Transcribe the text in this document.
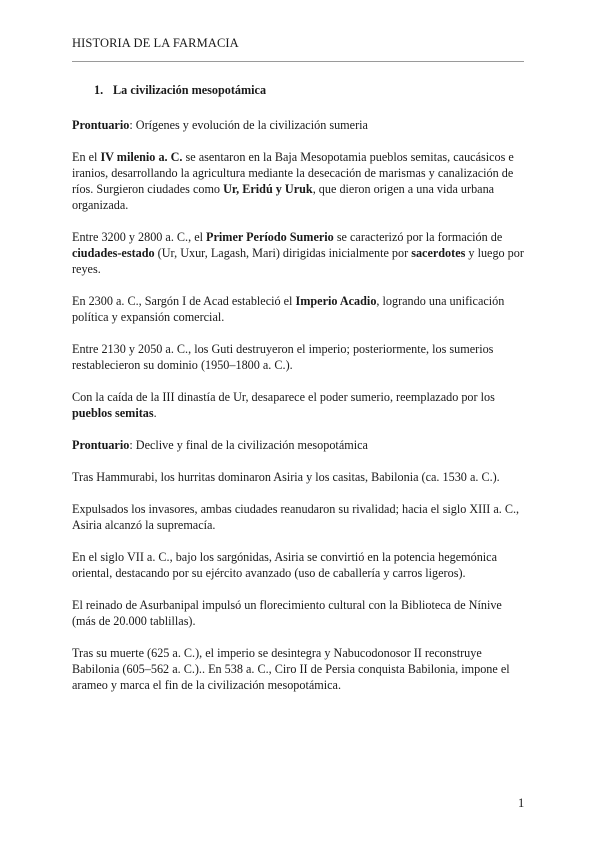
HISTORIA DE LA FARMACIA
1. La civilización mesopotámica

Prontuario: Orígenes y evolución de la civilización sumeria

En el IV milenio a. C. se asentaron en la Baja Mesopotamia pueblos semitas, caucásicos e iranios, desarrollando la agricultura mediante la desecación de marismas y canalización de ríos. Surgieron ciudades como Ur, Eridú y Uruk, que dieron origen a una vida urbana organizada.

Entre 3200 y 2800 a. C., el Primer Período Sumerio se caracterizó por la formación de ciudades-estado (Ur, Uxur, Lagash, Mari) dirigidas inicialmente por sacerdotes y luego por reyes.

En 2300 a. C., Sargón I de Acad estableció el Imperio Acadio, logrando una unificación política y expansión comercial.

Entre 2130 y 2050 a. C., los Guti destruyeron el imperio; posteriormente, los sumerios restablecieron su dominio (1950–1800 a. C.).

Con la caída de la III dinastía de Ur, desaparece el poder sumerio, reemplazado por los pueblos semitas.

Prontuario: Declive y final de la civilización mesopotámica

Tras Hammurabi, los hurritas dominaron Asiria y los casitas, Babilonia (ca. 1530 a. C.).

Expulsados los invasores, ambas ciudades reanudaron su rivalidad; hacia el siglo XIII a. C., Asiria alcanzó la supremacía.

En el siglo VII a. C., bajo los sargónidas, Asiria se convirtió en la potencia hegemónica oriental, destacando por su ejército avanzado (uso de caballería y carros ligeros).

El reinado de Asurbanipal impulsó un florecimiento cultural con la Biblioteca de Nínive (más de 20.000 tablillas).

Tras su muerte (625 a. C.), el imperio se desintegra y Nabucodonosor II reconstruye Babilonia (605–562 a. C.).. En 538 a. C., Ciro II de Persia conquista Babilonia, impone el arameo y marca el fin de la civilización mesopotámica.

1
